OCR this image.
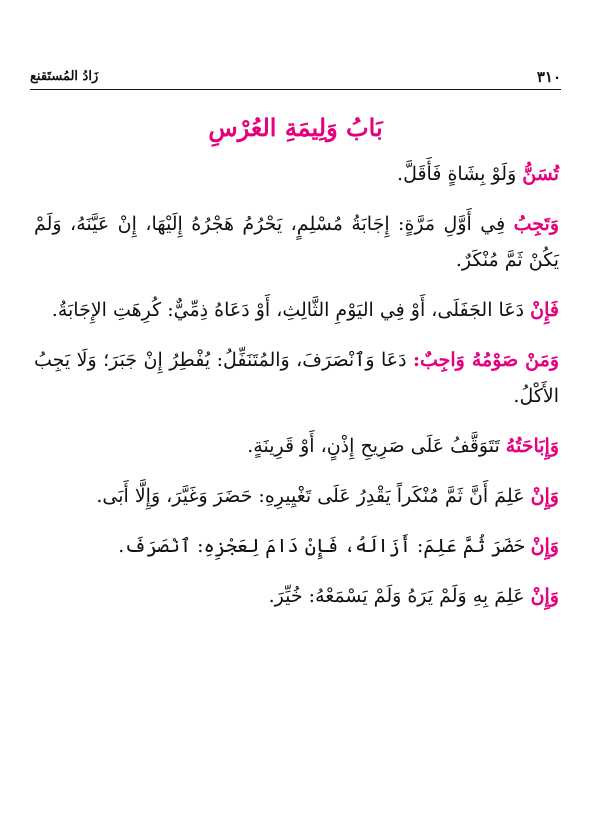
زَادُ المُستَقنع	٣١٠
بَابُ وَلِيمَةِ العُرْسِ

تُسَنُّ وَلَوْ بِشَاةٍ فَأَقَلَّ.

وَتَجِبُ فِي أَوَّلِ مَرَّةٍ: إِجَابَةُ مُسْلِمٍ، يَحْرُمُ هَجْرُهُ إِلَيْهَا، إِنْ عَيَّنَهُ، وَلَمْ يَكُنْ ثَمَّ مُنْكَرٌ.

فَإِنْ دَعَا الجَفَلَى، أَوْ فِي اليَوْمِ الثَّالِثِ، أَوْ دَعَاهُ ذِمِّيٌّ: كُرِهَتِ الإِجَابَةُ.

وَمَنْ صَوْمُهُ وَاجِبٌ: دَعَا وَٱنْصَرَفَ، وَالمُتَنَفِّلُ: يُفْطِرُ إِنْ جَبَرَ؛ وَلَا يَجِبُ الأَكْلُ.

وَإِبَاحَتُهُ تَتَوَقَّفُ عَلَى صَرِيحِ إِذْنٍ، أَوْ قَرِينَةٍ.

وَإِنْ عَلِمَ أَنَّ ثَمَّ مُنْكَراً يَقْدِرُ عَلَى تَغْيِيرِهِ: حَضَرَ وَغَيَّرَ، وَإِلَّا أَبَى.

وَإِنْ حَضَرَ ثُمَّ عَلِمَ: أَزَالَهُ، فَإِنْ دَامَ لِعَجْزِهِ: ٱنْصَرَفَ.

وَإِنْ عَلِمَ بِهِ وَلَمْ يَرَهُ وَلَمْ يَسْمَعْهُ: خُيِّرَ.
